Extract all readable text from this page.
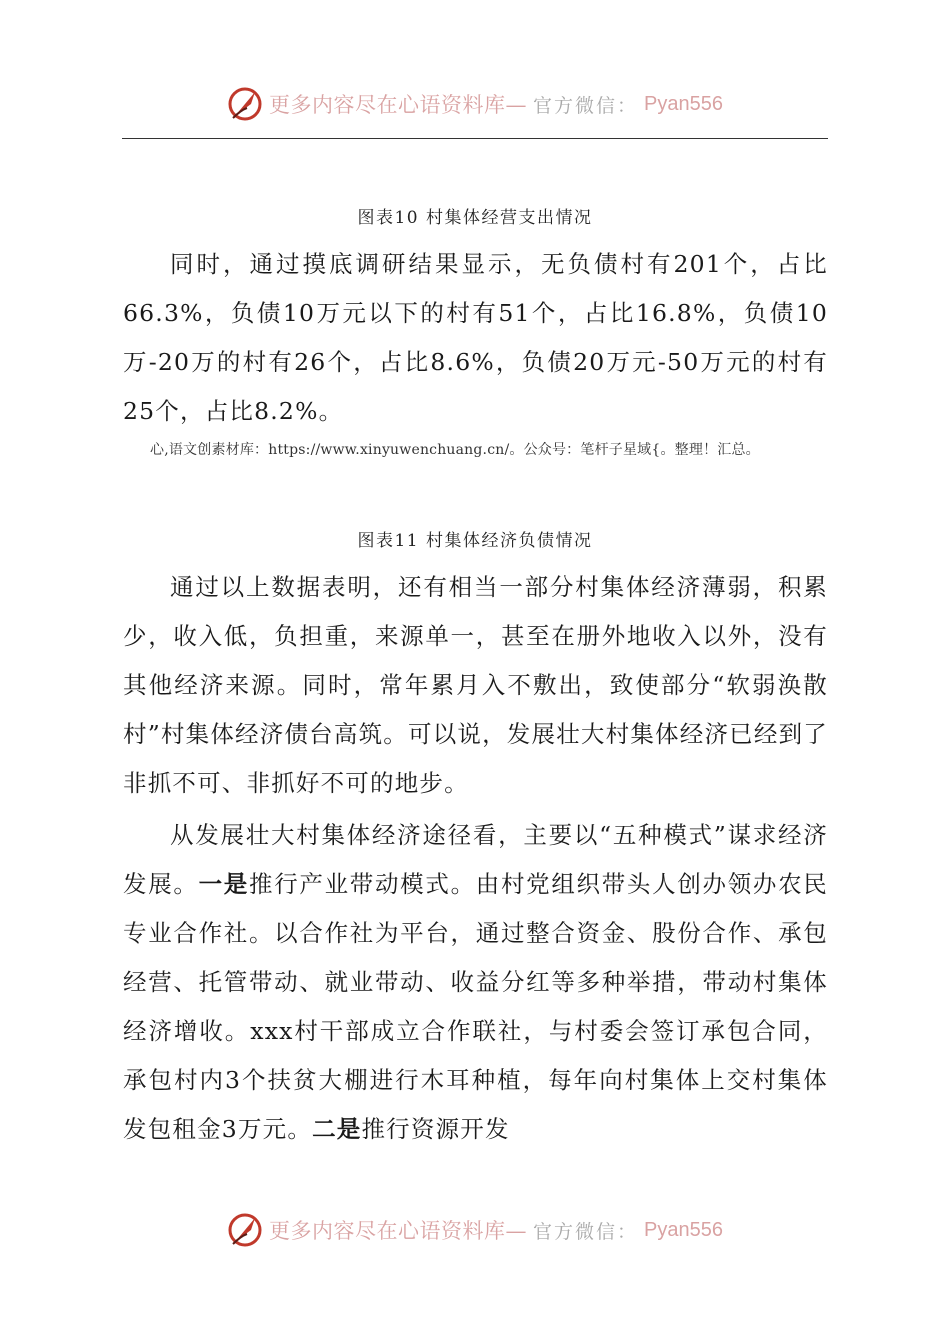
更多内容尽在心语资料库— 官方微信： Pyan556
图表10 村集体经营支出情况

同时，通过摸底调研结果显示，无负债村有201个，占比66.3%，负债10万元以下的村有51个，占比16.8%，负债10万-20万的村有26个，占比8.6%，负债20万元-50万元的村有25个，占比8.2%。

心,语文创素材库：https://www.xinyuwenchuang.cn/。公众号：笔杆子星域{。整理！汇总。
图表11 村集体经济负债情况

通过以上数据表明，还有相当一部分村集体经济薄弱，积累少，收入低，负担重，来源单一，甚至在册外地收入以外，没有其他经济来源。同时，常年累月入不敷出，致使部分“软弱涣散村”村集体经济债台高筑。可以说，发展壮大村集体经济已经到了非抓不可、非抓好不可的地步。

从发展壮大村集体经济途径看，主要以“五种模式”谋求经济发展。一是推行产业带动模式。由村党组织带头人创办领办农民专业合作社。以合作社为平台，通过整合资金、股份合作、承包经营、托管带动、就业带动、收益分红等多种举措，带动村集体经济增收。xxx村干部成立合作联社，与村委会签订承包合同，承包村内3个扶贫大棚进行木耳种植，每年向村集体上交村集体发包租金3万元。二是推行资源开发

更多内容尽在心语资料库— 官方微信： Pyan556
